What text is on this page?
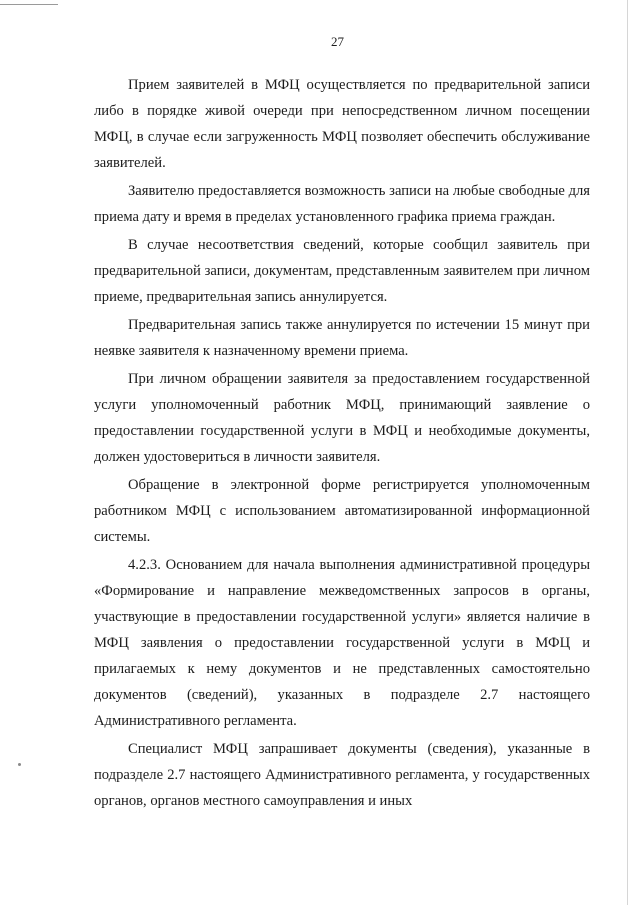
27

Прием заявителей в МФЦ осуществляется по предварительной записи либо в порядке живой очереди при непосредственном личном посещении МФЦ, в случае если загруженность МФЦ позволяет обеспечить обслуживание заявителей.

Заявителю предоставляется возможность записи на любые свободные для приема дату и время в пределах установленного графика приема граждан.

В случае несоответствия сведений, которые сообщил заявитель при предварительной записи, документам, представленным заявителем при личном приеме, предварительная запись аннулируется.

Предварительная запись также аннулируется по истечении 15 минут при неявке заявителя к назначенному времени приема.

При личном обращении заявителя за предоставлением государственной услуги уполномоченный работник МФЦ, принимающий заявление о предоставлении государственной услуги в МФЦ и необходимые документы, должен удостовериться в личности заявителя.

Обращение в электронной форме регистрируется уполномоченным работником МФЦ с использованием автоматизированной информационной системы.

4.2.3. Основанием для начала выполнения административной процедуры «Формирование и направление межведомственных запросов в органы, участвующие в предоставлении государственной услуги» является наличие в МФЦ заявления о предоставлении государственной услуги в МФЦ и прилагаемых к нему документов и не представленных самостоятельно документов (сведений), указанных в подразделе 2.7 настоящего Административного регламента.

Специалист МФЦ запрашивает документы (сведения), указанные в подразделе 2.7 настоящего Административного регламента, у государственных органов, органов местного самоуправления и иных
